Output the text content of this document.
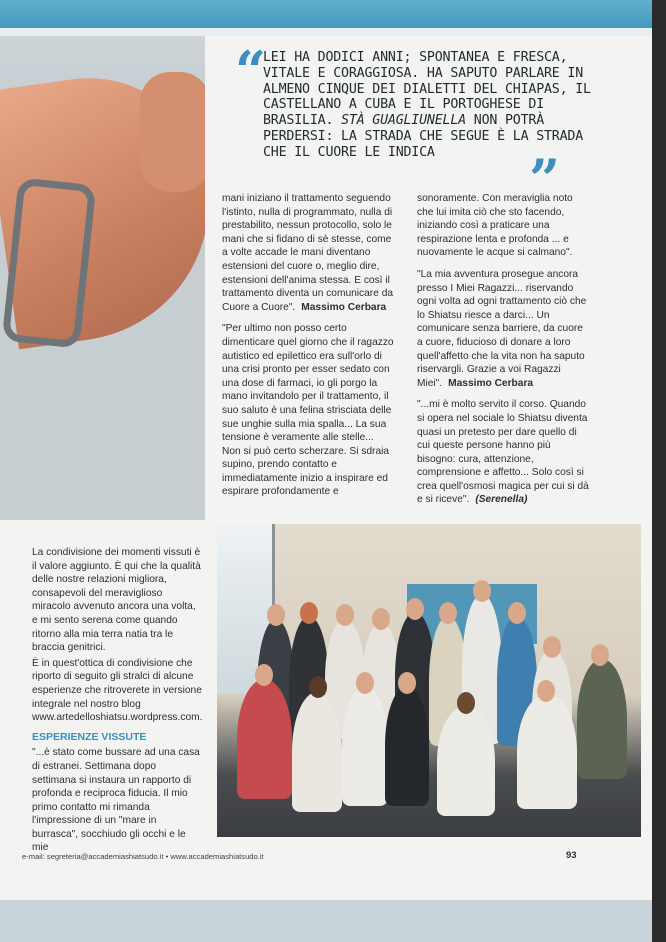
“
LEI HA DODICI ANNI; SPONTANEA E FRESCA, VITALE E CORAGGIOSA. HA SAPUTO PARLARE IN ALMENO CINQUE DEI DIALETTI DEL CHIAPAS, IL CASTELLANO A CUBA E IL PORTOGHESE DI BRASILIA. STÀ GUAGLIUNELLA NON POTRÀ PERDERSI: LA STRADA CHE SEGUE È LA STRADA CHE IL CUORE LE INDICA	”

mani iniziano il trattamento seguendo l'istinto, nulla di programmato, nulla di prestabilito, nessun protocollo, solo le mani che si fidano di sè stesse, come a volte accade le mani diventano estensioni del cuore o, meglio dire, estensioni dell'anima stessa. E così il trattamento diventa un comunicare da Cuore a Cuore". Massimo Cerbara

"Per ultimo non posso certo dimenticare quel giorno che il ragazzo autistico ed epilettico era sull'orlo di una crisi pronto per esser sedato con una dose di farmaci, io gli porgo la mano invitandolo per il trattamento, il suo saluto è una felina strisciata delle sue unghie sulla mia spalla... La sua tensione è veramente alle stelle... Non si può certo scherzare. Si sdraia supino, prendo contatto e immediatamente inizio a inspirare ed espirare profondamente e

sonoramente. Con meraviglia noto che lui imita ciò che sto facendo, iniziando così a praticare una respirazione lenta e profonda ... e nuovamente le acque si calmano".

"La mia avventura prosegue ancora presso I Miei Ragazzi... riservando ogni volta ad ogni trattamento ciò che lo Shiatsu riesce a darci... Un comunicare senza barriere, da cuore a cuore, fiducioso di donare a loro quell'affetto che la vita non ha saputo riservargli. Grazie a voi Ragazzi Miei". Massimo Cerbara

"...mi è molto servito il corso. Quando si opera nel sociale lo Shiatsu diventa quasi un pretesto per dare quello di cui queste persone hanno più bisogno: cura, attenzione, comprensione e affetto... Solo così si crea quell'osmosi magica per cui si dà e si riceve". (Serenella)

La condivisione dei momenti vissuti è il valore aggiunto. È qui che la qualità delle nostre relazioni migliora, consapevoli del meraviglioso miracolo avvenuto ancora una volta, e mi sento serena come quando ritorno alla mia terra natia tra le braccia genitrici.

È in quest'ottica di condivisione che riporto di seguito gli stralci di alcune esperienze che ritroverete in versione integrale nel nostro blog www.artedelloshiatsu.wordpress.com.

ESPERIENZE VISSUTE

"...è stato come bussare ad una casa di estranei. Settimana dopo settimana si instaura un rapporto di profonda e reciproca fiducia. Il mio primo contatto mi rimanda l'impressione di un "mare in burrasca", socchiudo gli occhi e le mie

e-mail: segreteria@accademiashiatsudo.it • www.accademiashiatsudo.it	93
